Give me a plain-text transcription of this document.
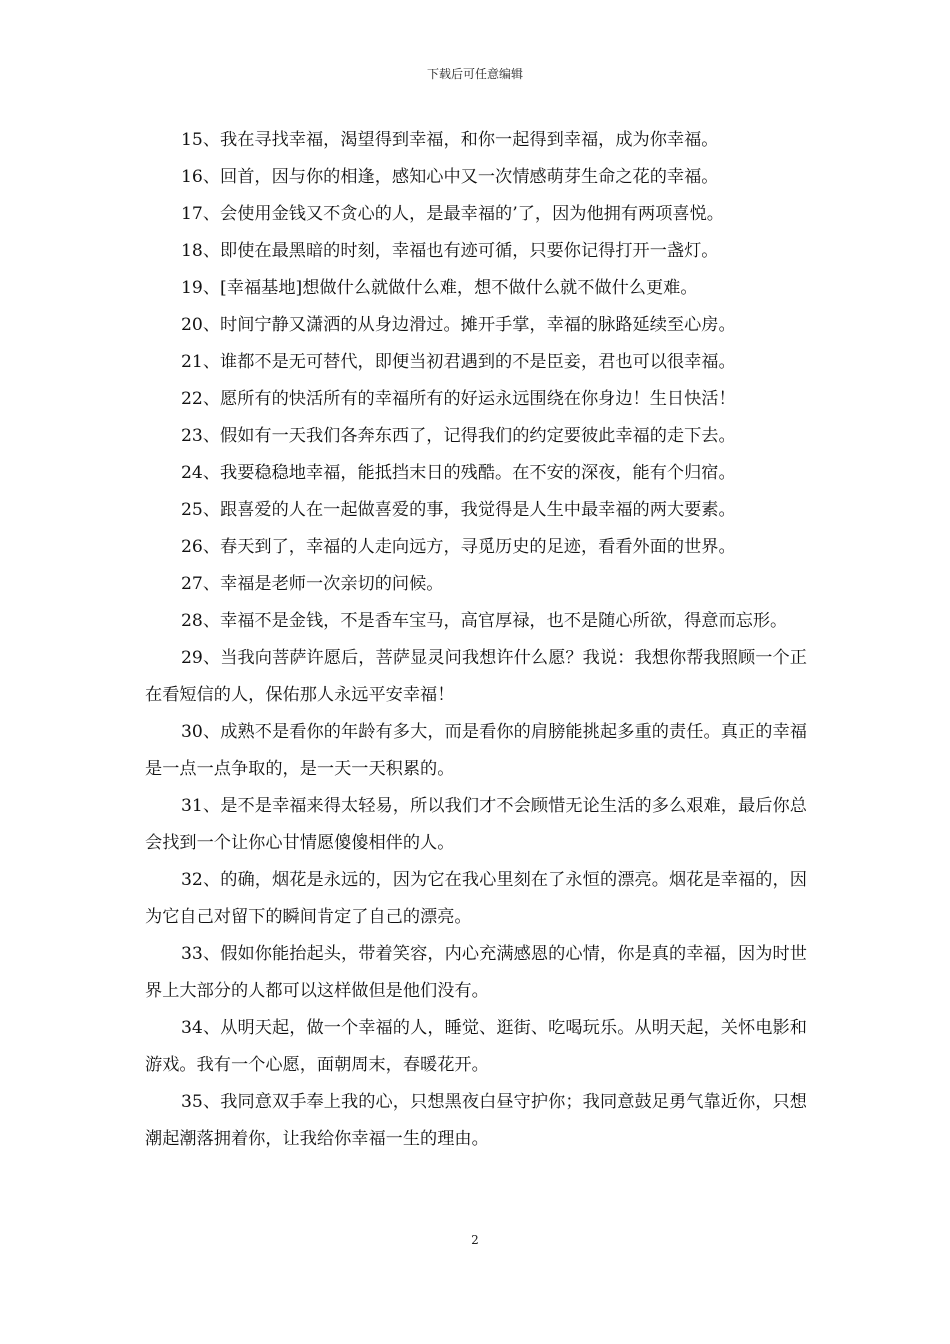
下载后可任意编辑

15、我在寻找幸福，渴望得到幸福，和你一起得到幸福，成为你幸福。

16、回首，因与你的相逢，感知心中又一次情感萌芽生命之花的幸福。

17、会使用金钱又不贪心的人，是最幸福的’了，因为他拥有两项喜悦。

18、即使在最黑暗的时刻，幸福也有迹可循，只要你记得打开一盏灯。

19、[幸福基地]想做什么就做什么难，想不做什么就不做什么更难。

20、时间宁静又潇洒的从身边滑过。摊开手掌，幸福的脉路延续至心房。

21、谁都不是无可替代，即便当初君遇到的不是臣妾，君也可以很幸福。

22、愿所有的快活所有的幸福所有的好运永远围绕在你身边！生日快活！

23、假如有一天我们各奔东西了，记得我们的约定要彼此幸福的走下去。

24、我要稳稳地幸福，能抵挡末日的残酷。在不安的深夜，能有个归宿。

25、跟喜爱的人在一起做喜爱的事，我觉得是人生中最幸福的两大要素。

26、春天到了，幸福的人走向远方，寻觅历史的足迹，看看外面的世界。

27、幸福是老师一次亲切的问候。

28、幸福不是金钱，不是香车宝马，高官厚禄，也不是随心所欲，得意而忘形。

29、当我向菩萨许愿后，菩萨显灵问我想许什么愿？我说：我想你帮我照顾一个正在看短信的人，保佑那人永远平安幸福！

30、成熟不是看你的年龄有多大，而是看你的肩膀能挑起多重的责任。真正的幸福是一点一点争取的，是一天一天积累的。

31、是不是幸福来得太轻易，所以我们才不会顾惜无论生活的多么艰难，最后你总会找到一个让你心甘情愿傻傻相伴的人。

32、的确，烟花是永远的，因为它在我心里刻在了永恒的漂亮。烟花是幸福的，因为它自己对留下的瞬间肯定了自己的漂亮。

33、假如你能抬起头，带着笑容，内心充满感恩的心情，你是真的幸福，因为时世界上大部分的人都可以这样做但是他们没有。

34、从明天起，做一个幸福的人，睡觉、逛街、吃喝玩乐。从明天起，关怀电影和游戏。我有一个心愿，面朝周末，春暖花开。

35、我同意双手奉上我的心，只想黑夜白昼守护你；我同意鼓足勇气靠近你，只想潮起潮落拥着你，让我给你幸福一生的理由。

2
